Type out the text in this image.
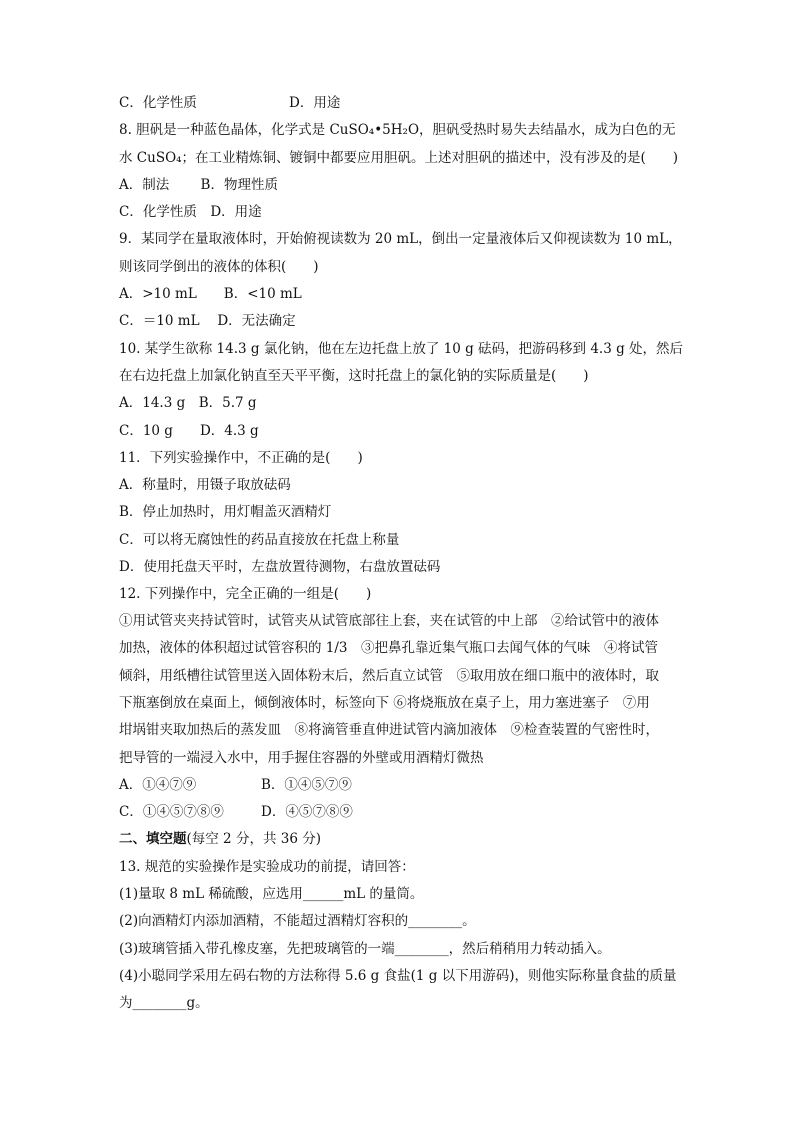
C．化学性质	D．用途
8. 胆矾是一种蓝色晶体，化学式是 CuSO₄•5H₂O，胆矾受热时易失去结晶水，成为白色的无
水 CuSO₄；在工业精炼铜、镀铜中都要应用胆矾。上述对胆矾的描述中，没有涉及的是(　　)
A．制法　　 B．物理性质
C．化学性质　D．用途
9．某同学在量取液体时，开始俯视读数为 20 mL，倒出一定量液体后又仰视读数为 10 mL，
则该同学倒出的液体的体积(　　)
A．>10 mL　　B．<10 mL
C．＝10 mL　 D．无法确定
10. 某学生欲称 14.3 g 氯化钠，他在左边托盘上放了 10 g 砝码，把游码移到 4.3 g 处，然后
在右边托盘上加氯化钠直至天平平衡，这时托盘上的氯化钠的实际质量是(　　)
A．14.3 g　B．5.7 g
C．10 g　　D．4.3 g
11．下列实验操作中，不正确的是(　　)
A．称量时，用镊子取放砝码
B．停止加热时，用灯帽盖灭酒精灯
C．可以将无腐蚀性的药品直接放在托盘上称量
D．使用托盘天平时，左盘放置待测物，右盘放置砝码
12. 下列操作中，完全正确的一组是(　　)
①用试管夹夹持试管时，试管夹从试管底部往上套，夹在试管的中上部　②给试管中的液体
加热，液体的体积超过试管容积的 1/3　③把鼻孔靠近集气瓶口去闻气体的气味　④将试管
倾斜，用纸槽往试管里送入固体粉末后，然后直立试管　⑤取用放在细口瓶中的液体时，取
下瓶塞倒放在桌面上，倾倒液体时，标签向下 ⑥将烧瓶放在桌子上，用力塞进塞子　⑦用
坩埚钳夹取加热后的蒸发皿　⑧将滴管垂直伸进试管内滴加液体　⑨检查装置的气密性时，
把导管的一端浸入水中，用手握住容器的外壁或用酒精灯微热
A．①④⑦⑨	B．①④⑤⑦⑨
C．①④⑤⑦⑧⑨	D．④⑤⑦⑧⑨
二、填空题(每空 2 分，共 36 分)
13. 规范的实验操作是实验成功的前提，请回答：
(1)量取 8 mL 稀硫酸，应选用______mL 的量筒。
(2)向酒精灯内添加酒精，不能超过酒精灯容积的________。
(3)玻璃管插入带孔橡皮塞，先把玻璃管的一端________，然后稍稍用力转动插入。
(4)小聪同学采用左码右物的方法称得 5.6 g 食盐(1 g 以下用游码)，则他实际称量食盐的质量
为________g。
